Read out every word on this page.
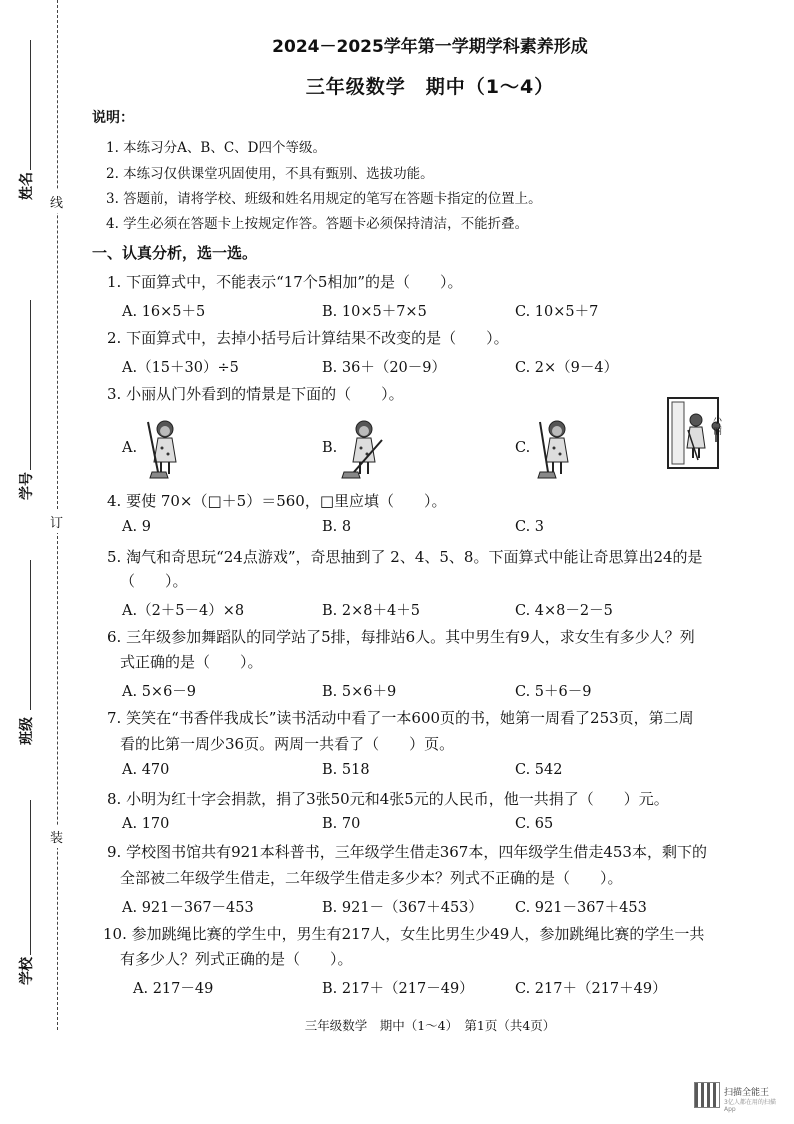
线
订
装
姓名
学号
班级
学校
2024－2025学年第一学期学科素养形成
三年级数学　期中（1～4）
说明：
1. 本练习分A、B、C、D四个等级。
2. 本练习仅供课堂巩固使用，不具有甄别、选拔功能。
3. 答题前，请将学校、班级和姓名用规定的笔写在答题卡指定的位置上。
4. 学生必须在答题卡上按规定作答。答题卡必须保持清洁，不能折叠。
一、认真分析，选一选。
1. 下面算式中，不能表示“17个5相加”的是（　　）。
A. 16×5＋5	B. 10×5＋7×5	C. 10×5＋7
2. 下面算式中，去掉小括号后计算结果不改变的是（　　）。
A.（15＋30）÷5	B. 36＋（20－9）	C. 2×（9－4）
3. 小丽从门外看到的情景是下面的（　　）。
A.	B.	C.
小丽
4. 要使 70×（□＋5）＝560，□里应填（　　）。
A. 9	B. 8	C. 3
5. 淘气和奇思玩“24点游戏”，奇思抽到了 2、4、5、8。下面算式中能让奇思算出24的是
（　　）。
A.（2＋5－4）×8	B. 2×8＋4＋5	C. 4×8－2－5
6. 三年级参加舞蹈队的同学站了5排，每排站6人。其中男生有9人，求女生有多少人？列
式正确的是（　　）。
A. 5×6－9	B. 5×6＋9	C. 5＋6－9
7. 笑笑在“书香伴我成长”读书活动中看了一本600页的书，她第一周看了253页，第二周
看的比第一周少36页。两周一共看了（　　）页。
A. 470	B. 518	C. 542
8. 小明为红十字会捐款，捐了3张50元和4张5元的人民币，他一共捐了（　　）元。
A. 170	B. 70	C. 65
9. 学校图书馆共有921本科普书，三年级学生借走367本，四年级学生借走453本，剩下的
全部被二年级学生借走，二年级学生借走多少本？列式不正确的是（　　）。
A. 921－367－453	B. 921－（367＋453） C. 921－367＋453
10. 参加跳绳比赛的学生中，男生有217人，女生比男生少49人，参加跳绳比赛的学生一共
有多少人？列式正确的是（　　）。
A. 217－49	B. 217＋（217－49）	C. 217＋（217＋49）
三年级数学　期中（1～4）　第1页（共4页）
扫描全能王
3亿人都在用的扫描App
